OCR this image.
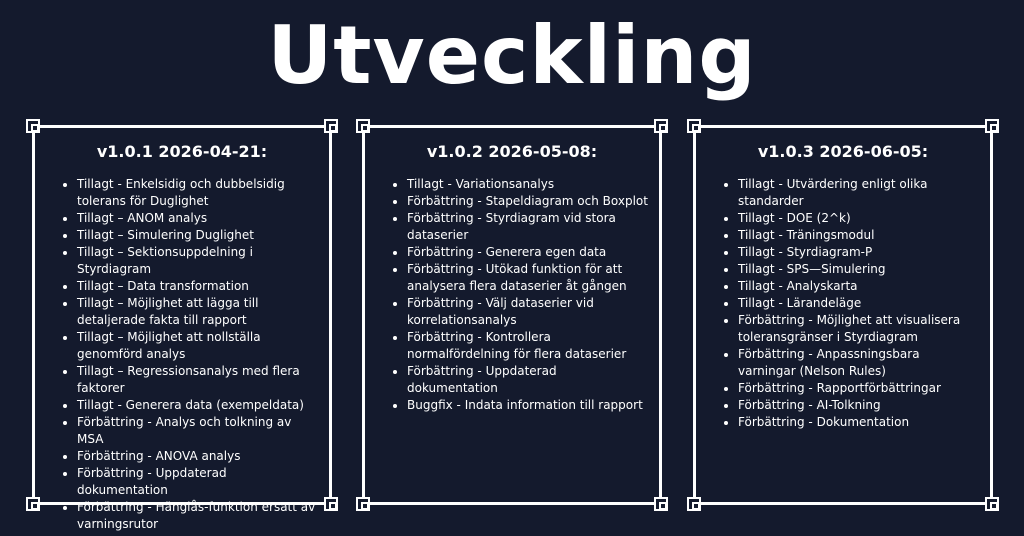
Utveckling
v1.0.1 2026-04-21:
• Tillagt - Enkelsidig och dubbelsidig tolerans för Duglighet
• Tillagt – ANOM analys
• Tillagt – Simulering Duglighet
• Tillagt – Sektionsuppdelning i Styrdiagram
• Tillagt – Data transformation
• Tillagt – Möjlighet att lägga till detaljerade fakta till rapport
• Tillagt – Möjlighet att nollställa genomförd analys
• Tillagt – Regressionsanalys med flera faktorer
• Tillagt - Generera data (exempeldata)
• Förbättring - Analys och tolkning av MSA
• Förbättring - ANOVA analys
• Förbättring - Uppdaterad dokumentation
• Förbättring - Hänglås-funktion ersatt av varningsrutor
v1.0.2 2026-05-08:
• Tillagt - Variationsanalys
• Förbättring - Stapeldiagram och Boxplot
• Förbättring - Styrdiagram vid stora dataserier
• Förbättring - Generera egen data
• Förbättring - Utökad funktion för att analysera flera dataserier åt gången
• Förbättring - Välj dataserier vid korrelationsanalys
• Förbättring - Kontrollera normalfördelning för flera dataserier
• Förbättring - Uppdaterad dokumentation
• Buggfix - Indata information till rapport
v1.0.3 2026-06-05:
• Tillagt - Utvärdering enligt olika standarder
• Tillagt - DOE (2^k)
• Tillagt - Träningsmodul
• Tillagt - Styrdiagram-P
• Tillagt - SPS—Simulering
• Tillagt - Analyskarta
• Tillagt - Lärandeläge
• Förbättring - Möjlighet att visualisera toleransgränser i Styrdiagram
• Förbättring - Anpassningsbara varningar (Nelson Rules)
• Förbättring - Rapportförbättringar
• Förbättring - AI-Tolkning
• Förbättring - Dokumentation
